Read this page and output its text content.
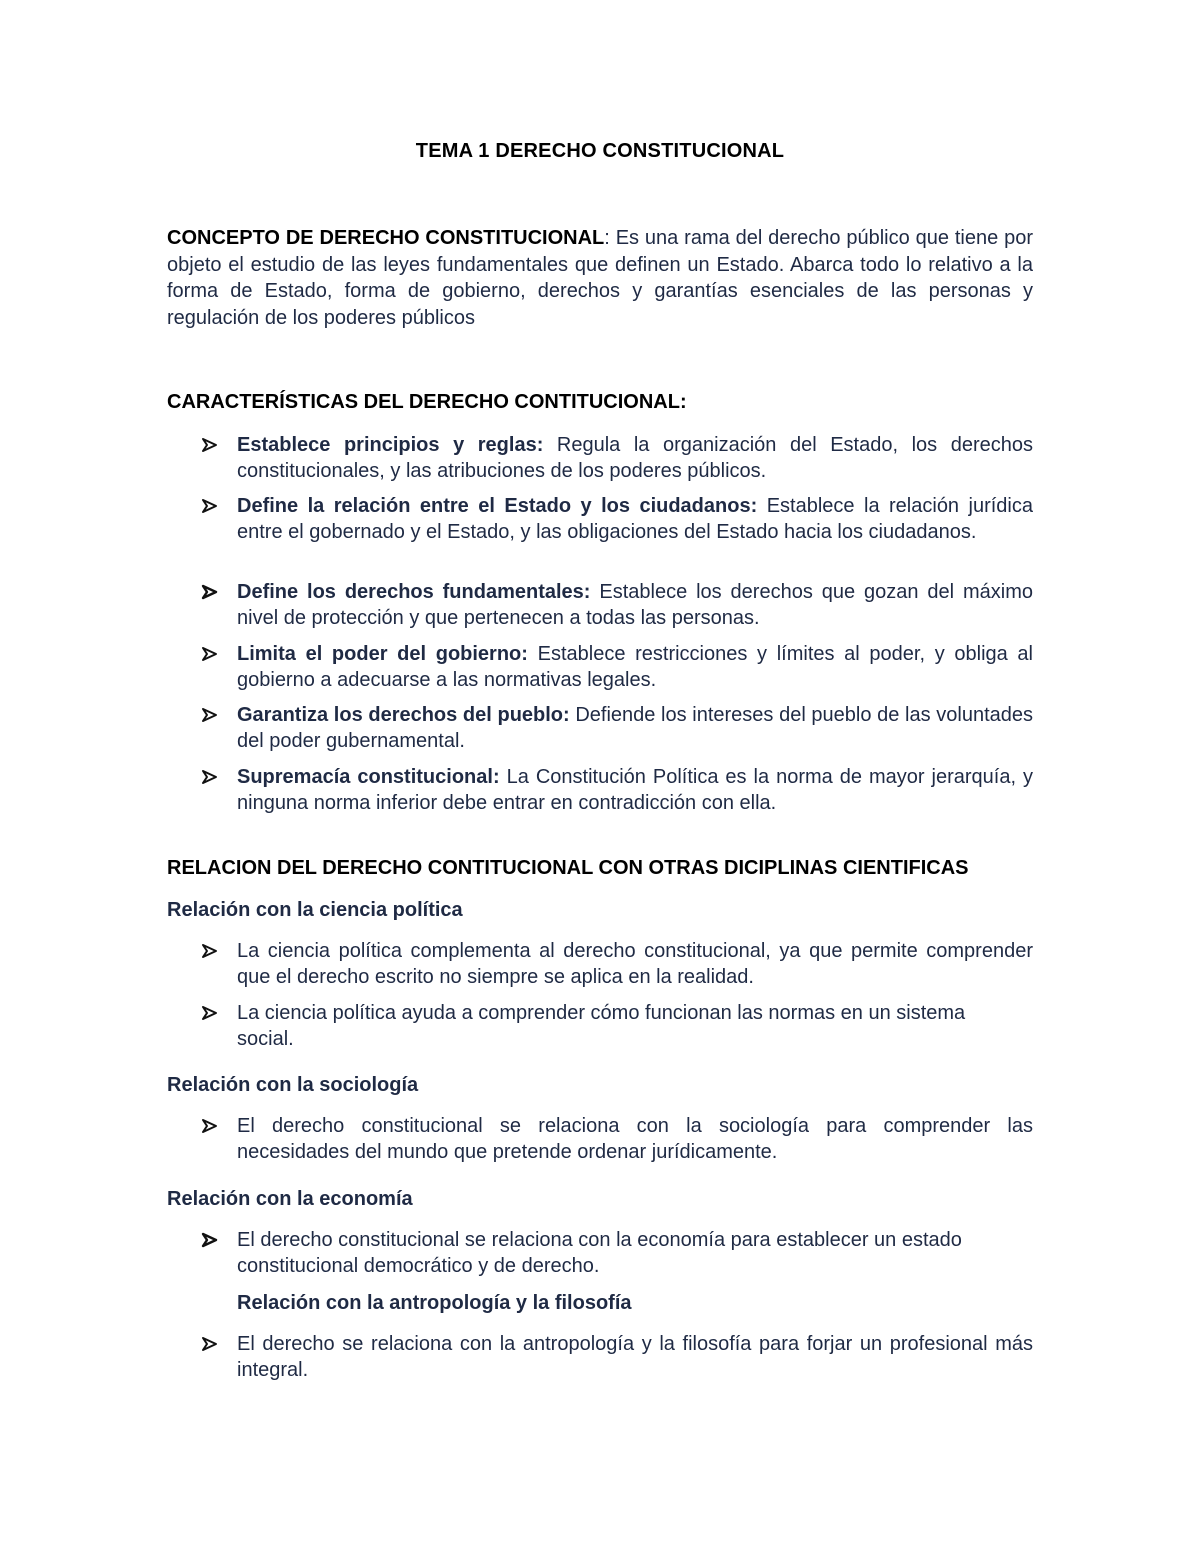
TEMA 1 DERECHO CONSTITUCIONAL
CONCEPTO DE DERECHO CONSTITUCIONAL: Es una rama del derecho público que tiene por objeto el estudio de las leyes fundamentales que definen un Estado. Abarca todo lo relativo a la forma de Estado, forma de gobierno, derechos y garantías esenciales de las personas y regulación de los poderes públicos
CARACTERÍSTICAS DEL DERECHO CONTITUCIONAL:
Establece principios y reglas: Regula la organización del Estado, los derechos constitucionales, y las atribuciones de los poderes públicos.
Define la relación entre el Estado y los ciudadanos: Establece la relación jurídica entre el gobernado y el Estado, y las obligaciones del Estado hacia los ciudadanos.
Define los derechos fundamentales: Establece los derechos que gozan del máximo nivel de protección y que pertenecen a todas las personas.
Limita el poder del gobierno: Establece restricciones y límites al poder, y obliga al gobierno a adecuarse a las normativas legales.
Garantiza los derechos del pueblo: Defiende los intereses del pueblo de las voluntades del poder gubernamental.
Supremacía constitucional: La Constitución Política es la norma de mayor jerarquía, y ninguna norma inferior debe entrar en contradicción con ella.
RELACION DEL DERECHO CONTITUCIONAL CON OTRAS DICIPLINAS CIENTIFICAS
Relación con la ciencia política
La ciencia política complementa al derecho constitucional, ya que permite comprender que el derecho escrito no siempre se aplica en la realidad.
La ciencia política ayuda a comprender cómo funcionan las normas en un sistema social.
Relación con la sociología
El derecho constitucional se relaciona con la sociología para comprender las necesidades del mundo que pretende ordenar jurídicamente.
Relación con la economía
El derecho constitucional se relaciona con la economía para establecer un estado constitucional democrático y de derecho.
Relación con la antropología y la filosofía
El derecho se relaciona con la antropología y la filosofía para forjar un profesional más integral.
